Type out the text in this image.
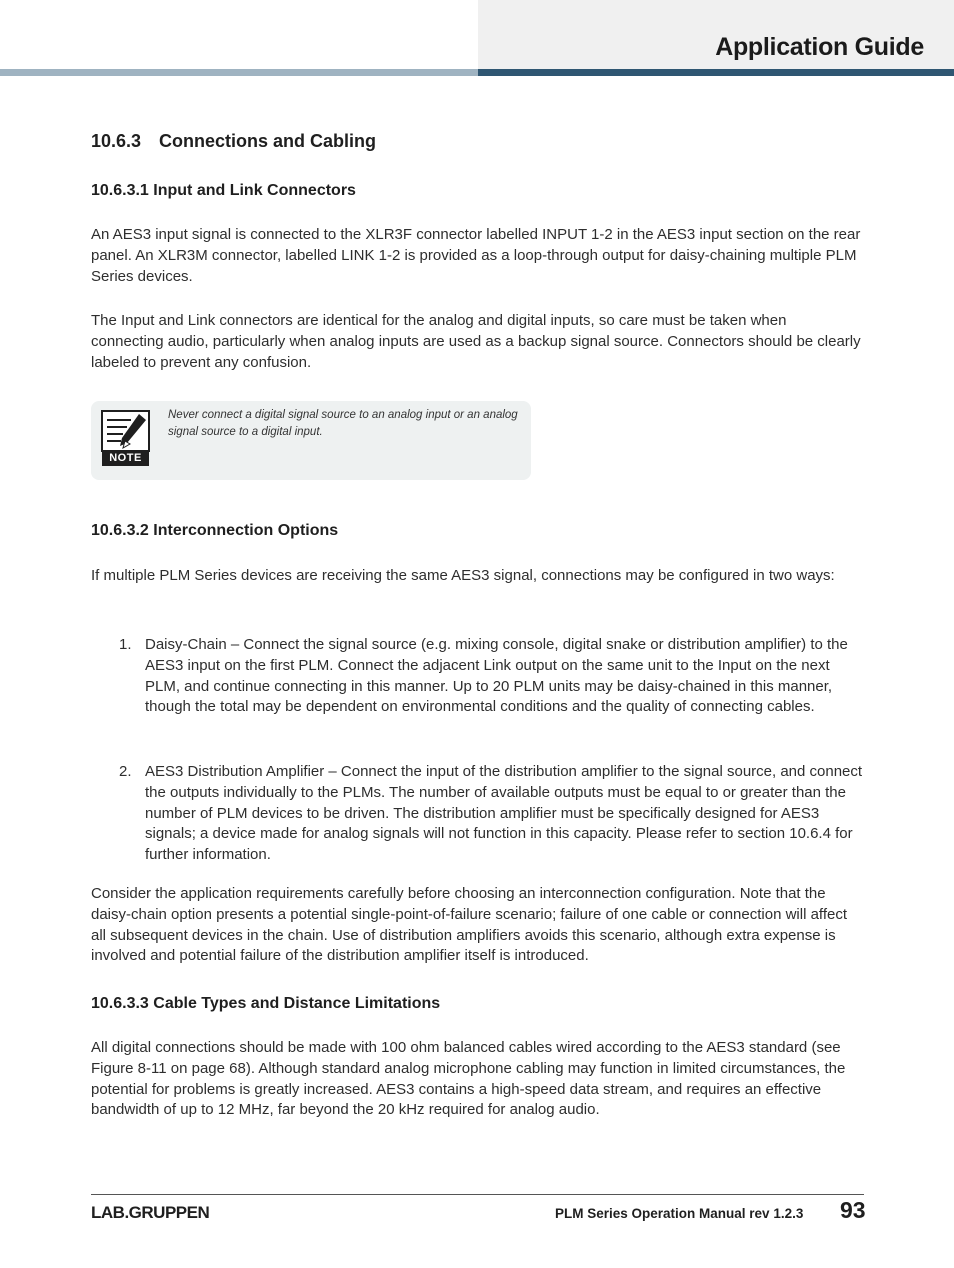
Application Guide
10.6.3 Connections and Cabling
10.6.3.1 Input and Link Connectors

An AES3 input signal is connected to the XLR3F connector labelled INPUT 1-2 in the AES3 input section on the rear panel. An XLR3M connector, labelled LINK 1-2 is provided as a loop-through output for daisy-chaining multiple PLM Series devices.

The Input and Link connectors are identical for the analog and digital inputs, so care must be taken when connecting audio, particularly when analog inputs are used as a backup signal source. Connectors should be clearly labeled to prevent any confusion.

NOTE
Never connect a digital signal source to an analog input or an analog signal source to a digital input.
10.6.3.2 Interconnection Options

If multiple PLM Series devices are receiving the same AES3 signal, connections may be configured in two ways:

1. Daisy-Chain – Connect the signal source (e.g. mixing console, digital snake or distribution amplifier) to the AES3 input on the first PLM. Connect the adjacent Link output on the same unit to the Input on the next PLM, and continue connecting in this manner. Up to 20 PLM units may be daisy-chained in this manner, though the total may be dependent on environmental conditions and the quality of connecting cables.
2. AES3 Distribution Amplifier – Connect the input of the distribution amplifier to the signal source, and connect the outputs individually to the PLMs. The number of available outputs must be equal to or greater than the number of PLM devices to be driven. The distribution amplifier must be specifically designed for AES3 signals; a device made for analog signals will not function in this capacity. Please refer to section 10.6.4 for further information.

Consider the application requirements carefully before choosing an interconnection configuration. Note that the daisy-chain option presents a potential single-point-of-failure scenario; failure of one cable or connection will affect all subsequent devices in the chain. Use of distribution amplifiers avoids this scenario, although extra expense is involved and potential failure of the distribution amplifier itself is introduced.

10.6.3.3 Cable Types and Distance Limitations

All digital connections should be made with 100 ohm balanced cables wired according to the AES3 standard (see Figure 8-11 on page 68). Although standard analog microphone cabling may function in limited circumstances, the potential for problems is greatly increased. AES3 contains a high-speed data stream, and requires an effective bandwidth of up to 12 MHz, far beyond the 20 kHz required for analog audio.

LAB.GRUPPEN	PLM Series Operation Manual rev 1.2.3 93
